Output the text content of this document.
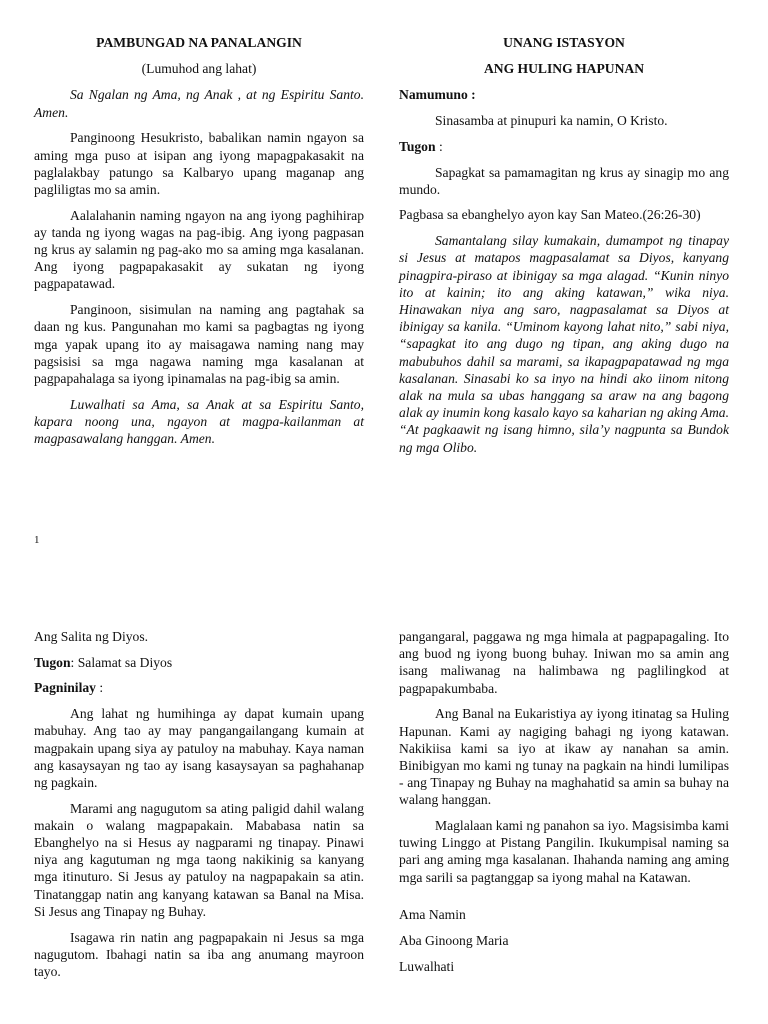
PAMBUNGAD NA PANALANGIN
(Lumuhod ang lahat)

Sa Ngalan ng Ama, ng Anak , at ng Espiritu Santo. Amen.

Panginoong Hesukristo, babalikan namin ngayon sa aming mga puso at isipan ang iyong mapagpakasakit na paglalakbay patungo sa Kalbaryo upang maganap ang pagliligtas mo sa amin.

Aalalahanin naming ngayon na ang iyong paghihirap ay tanda ng iyong wagas na pag-ibig. Ang iyong pagpasan ng krus ay salamin ng pag-ako mo sa aming mga kasalanan. Ang iyong pagpapakasakit ay sukatan ng iyong pagpapatawad.

Panginoon, sisimulan na naming ang pagtahak sa daan ng kus. Pangunahan mo kami sa pagbagtas ng iyong mga yapak upang ito ay maisagawa naming nang may pagsisisi sa mga nagawa naming mga kasalanan at pagpapahalaga sa iyong ipinamalas na pag-ibig sa amin.

Luwalhati sa Ama, sa Anak at sa Espiritu Santo, kapara noong una, ngayon at magpa-kailanman at magpasawalang hanggan. Amen.

UNANG ISTASYON
ANG HULING HAPUNAN

Namumuno :

Sinasamba at pinupuri ka namin, O Kristo.

Tugon :

Sapagkat sa pamamagitan ng krus ay sinagip mo ang mundo.

Pagbasa sa ebanghelyo ayon kay San Mateo.(26:26-30)

Samantalang silay kumakain, dumampot ng tinapay si Jesus at matapos magpasalamat sa Diyos, kanyang pinagpira-piraso at ibinigay sa mga alagad. “Kunin ninyo ito at kainin; ito ang aking katawan,” wika niya. Hinawakan niya ang saro, nagpasalamat sa Diyos at ibinigay sa kanila. “Uminom kayong lahat nito,” sabi niya, “sapagkat ito ang dugo ng tipan, ang aking dugo na mabubuhos dahil sa marami, sa ikapagpapatawad ng mga kasalanan. Sinasabi ko sa inyo na hindi ako iinom nitong alak na mula sa ubas hanggang sa araw na ang bagong alak ay inumin kong kasalo kayo sa kaharian ng aking Ama. “At pagkaawit ng isang himno, sila’y nagpunta sa Bundok ng mga Olibo.

1

Ang Salita ng Diyos.

Tugon: Salamat sa Diyos

Pagninilay :

Ang lahat ng humihinga ay dapat kumain upang mabuhay. Ang tao ay may pangangailangang kumain at magpakain upang siya ay patuloy na mabuhay. Kaya naman ang kasaysayan ng tao ay isang kasaysayan sa paghahanap ng pagkain.

Marami ang nagugutom sa ating paligid dahil walang makain o walang magpapakain. Mababasa natin sa Ebanghelyo na si Hesus ay nagparami ng tinapay. Pinawi niya ang kagutuman ng mga taong nakikinig sa kanyang mga itinuturo. Si Jesus ay patuloy na nagpapakain sa atin. Tinatanggap natin ang kanyang katawan sa Banal na Misa. Si Jesus ang Tinapay ng Buhay.

Isagawa rin natin ang pagpapakain ni Jesus sa mga nagugutom. Ibahagi natin sa iba ang anumang mayroon tayo.

pangangaral, paggawa ng mga himala at pagpapagaling. Ito ang buod ng iyong buong buhay. Iniwan mo sa amin ang isang maliwanag na halimbawa ng paglilingkod at pagpapakumbaba.

Ang Banal na Eukaristiya ay iyong itinatag sa Huling Hapunan. Kami ay nagiging bahagi ng iyong katawan. Nakikiisa kami sa iyo at ikaw ay nanahan sa amin. Binibigyan mo kami ng tunay na pagkain na hindi lumilipas - ang Tinapay ng Buhay na maghahatid sa amin sa buhay na walang hanggan.

Maglalaan kami ng panahon sa iyo. Magsisimba kami tuwing Linggo at Pistang Pangilin. Ikukumpisal naming sa pari ang aming mga kasalanan. Ihahanda naming ang aming mga sarili sa pagtanggap sa iyong mahal na Katawan.

Ama Namin

Aba Ginoong Maria

Luwalhati
